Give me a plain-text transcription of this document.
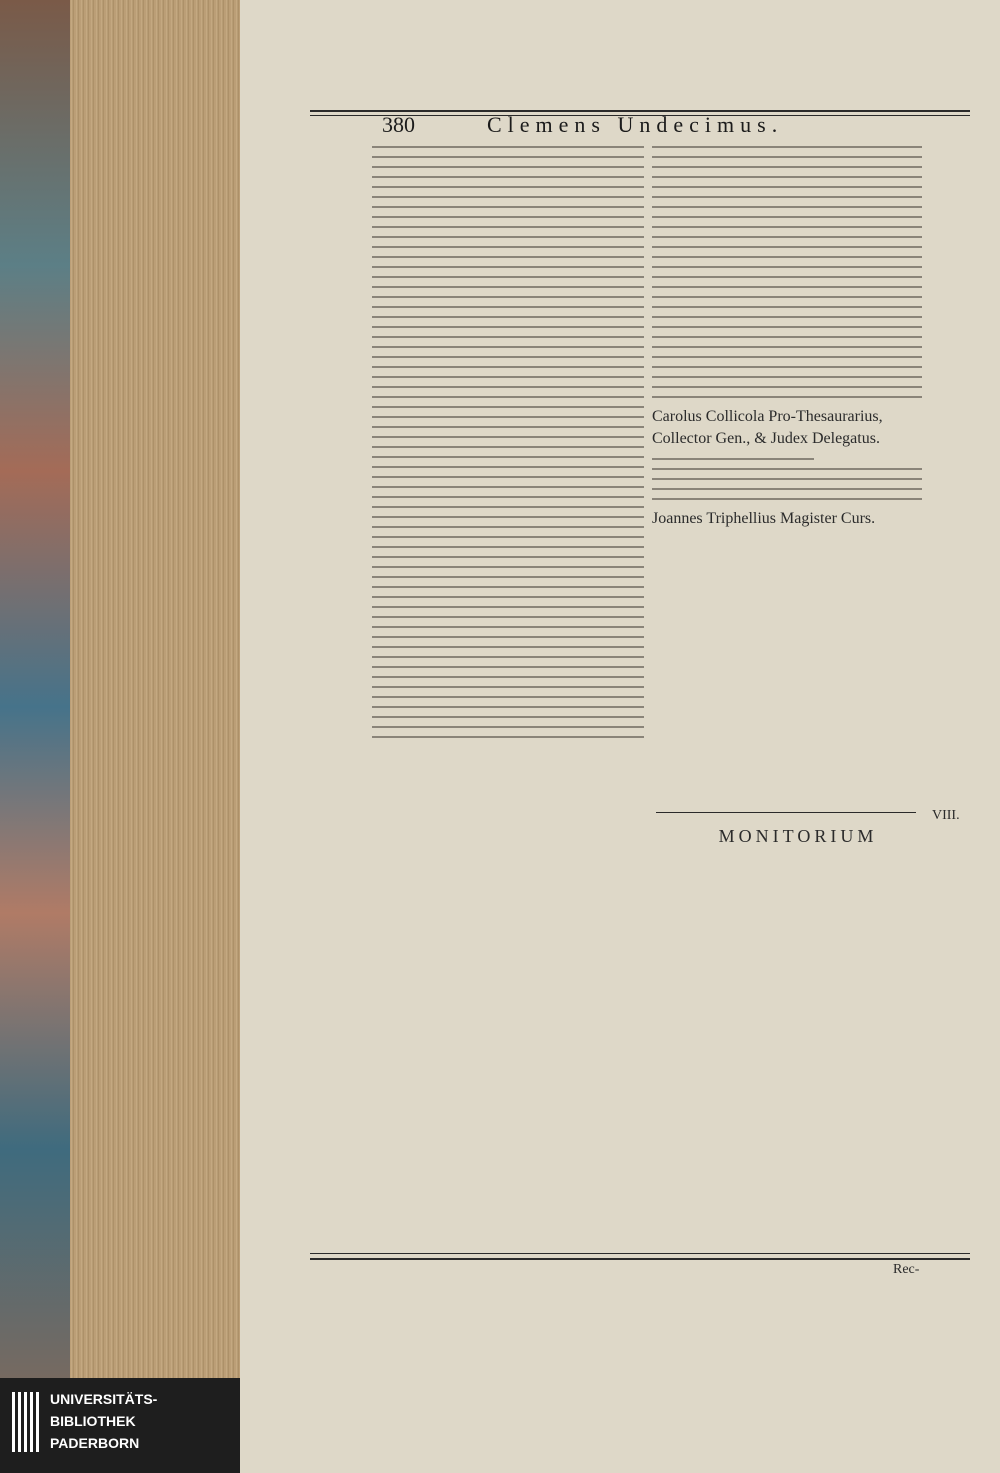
380	Clemens Undecimus.
Carolus Collicola Pro-Thesaurarius, Collector Gen., & Judex Delegatus.
Joannes Triphellius Magister Curs.
VIII.
MONITORIUM
Rec-
UNIVERSITÄTS-
BIBLIOTHEK
PADERBORN
